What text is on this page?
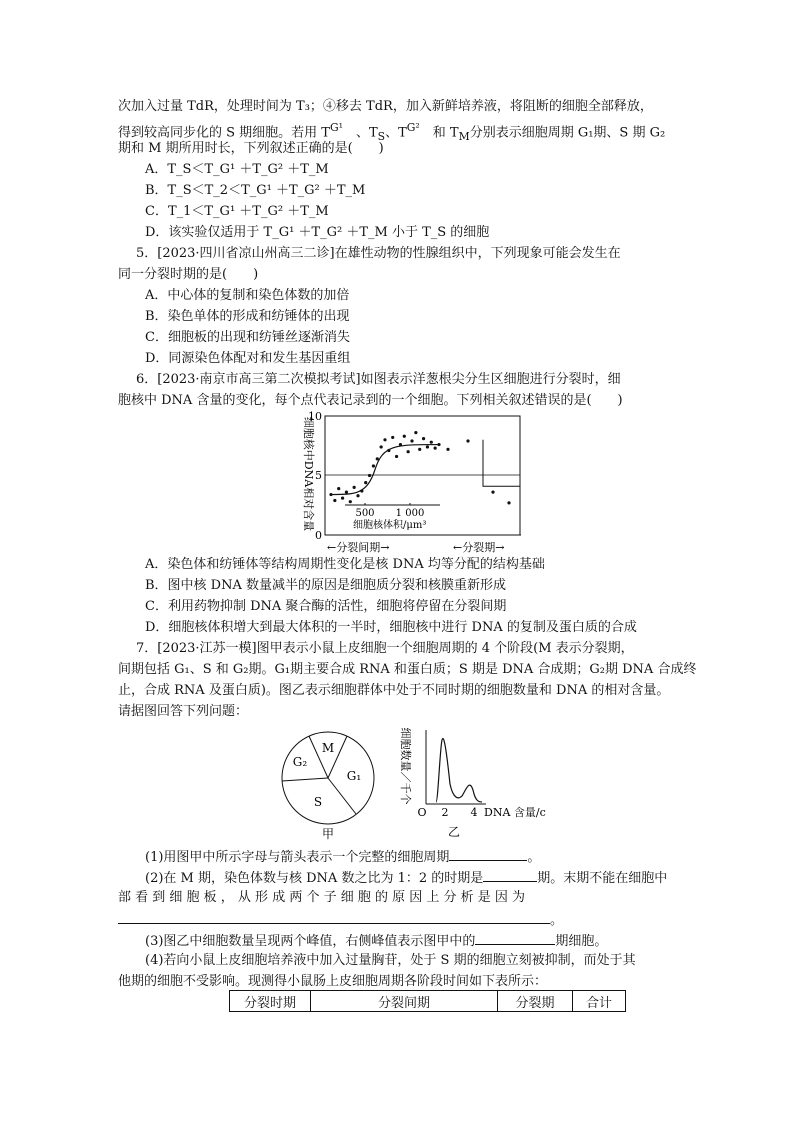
次加入过量 TdR，处理时间为 T₃；④移去 TdR，加入新鲜培养液，将阻断的细胞全部释放，
得到较高同步化的 S 期细胞。若用 $T^{G^1}$　 、$T_S$、$T^{G^2}$　 和 $T_M$分别表示细胞周期 G₁期、S 期 G₂
期和 M 期所用时长，下列叙述正确的是(　　)
A．T_S＜T_G¹ ＋T_G² ＋T_M
B．T_S＜T_2＜T_G¹ ＋T_G² ＋T_M
C．T_1＜T_G¹ ＋T_G² ＋T_M
D．该实验仅适用于 T_G¹ ＋T_G² ＋T_M 小于 T_S 的细胞
5．[2023·四川省凉山州高三二诊]在雄性动物的性腺组织中，下列现象可能会发生在
同一分裂时期的是(　　)
A．中心体的复制和染色体数的加倍
B．染色单体的形成和纺锤体的出现
C．细胞板的出现和纺锤丝逐渐消失
D．同源染色体配对和发生基因重组
6．[2023·南京市高三第二次模拟考试]如图表示洋葱根尖分生区细胞进行分裂时，细
胞核中 DNA 含量的变化，每个点代表记录到的一个细胞。下列相关叙述错误的是(　　)
细胞核中DNA相对含量
0
5
10
500 1 000
细胞核体积/μm³
←分裂间期→	←分裂期→
A．染色体和纺锤体等结构周期性变化是核 DNA 均等分配的结构基础
B．图中核 DNA 数量减半的原因是细胞质分裂和核膜重新形成
C．利用药物抑制 DNA 聚合酶的活性，细胞将停留在分裂间期
D．细胞核体积增大到最大体积的一半时，细胞核中进行 DNA 的复制及蛋白质的合成
7．[2023·江苏一模]图甲表示小鼠上皮细胞一个细胞周期的 4 个阶段(M 表示分裂期，
间期包括 G₁、S 和 G₂期。G₁期主要合成 RNA 和蛋白质；S 期是 DNA 合成期；G₂期 DNA 合成终
止，合成 RNA 及蛋白质)。图乙表示细胞群体中处于不同时期的细胞数量和 DNA 的相对含量。
请据图回答下列问题：
M
G₁
S
G₂
甲
细胞数量／千个
O 2 4 DNA 含量/c
乙
(1)用图甲中所示字母与箭头表示一个完整的细胞周期	。
(2)在 M 期，染色体数与核 DNA 数之比为 1：2 的时期是	期。末期不能在细胞中
部 看 到 细 胞 板 ， 从 形 成 两 个 子 细 胞 的 原 因 上 分 析 是 因 为
。
(3)图乙中细胞数量呈现两个峰值，右侧峰值表示图甲中的	期细胞。
(4)若向小鼠上皮细胞培养液中加入过量胸苷，处于 S 期的细胞立刻被抑制，而处于其
他期的细胞不受影响。现测得小鼠肠上皮细胞周期各阶段时间如下表所示：
分裂时期	分裂间期	分裂期	合计
